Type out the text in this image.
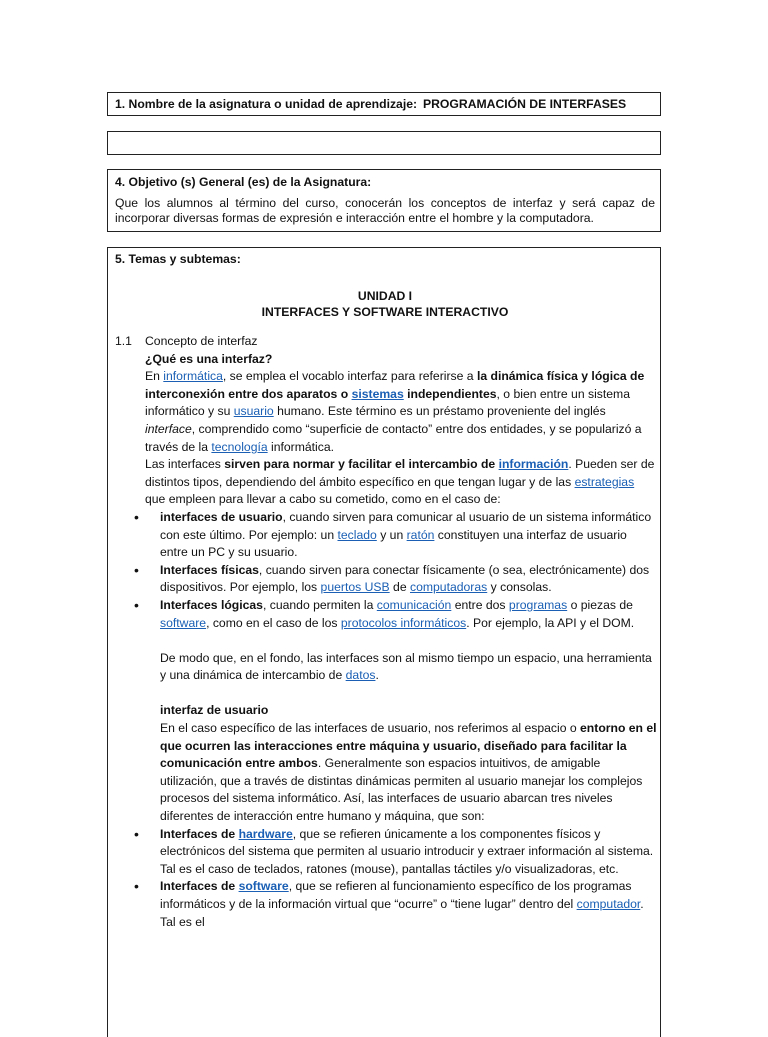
1. Nombre de la asignatura o unidad de aprendizaje: PROGRAMACIÓN DE INTERFASES
4. Objetivo (s) General (es) de la Asignatura:
Que los alumnos al término del curso, conocerán los conceptos de interfaz y será capaz de incorporar diversas formas de expresión e interacción entre el hombre y la computadora.
5. Temas y subtemas:
UNIDAD I
INTERFACES Y SOFTWARE INTERACTIVO
1.1 Concepto de interfaz

¿Qué es una interfaz?

En informática, se emplea el vocablo interfaz para referirse a la dinámica física y lógica de interconexión entre dos aparatos o sistemas independientes, o bien entre un sistema informático y su usuario humano. Este término es un préstamo proveniente del inglés interface, comprendido como “superficie de contacto” entre dos entidades, y se popularizó a través de la tecnología informática.

Las interfaces sirven para normar y facilitar el intercambio de información. Pueden ser de distintos tipos, dependiendo del ámbito específico en que tengan lugar y de las estrategias que empleen para llevar a cabo su cometido, como en el caso de:

• interfaces de usuario, cuando sirven para comunicar al usuario de un sistema informático con este último. Por ejemplo: un teclado y un ratón constituyen una interfaz de usuario entre un PC y su usuario.
• Interfaces físicas, cuando sirven para conectar físicamente (o sea, electrónicamente) dos dispositivos. Por ejemplo, los puertos USB de computadoras y consolas.
• Interfaces lógicas, cuando permiten la comunicación entre dos programas o piezas de software, como en el caso de los protocolos informáticos. Por ejemplo, la API y el DOM.

De modo que, en el fondo, las interfaces son al mismo tiempo un espacio, una herramienta y una dinámica de intercambio de datos.

interfaz de usuario

En el caso específico de las interfaces de usuario, nos referimos al espacio o entorno en el que ocurren las interacciones entre máquina y usuario, diseñado para facilitar la comunicación entre ambos. Generalmente son espacios intuitivos, de amigable utilización, que a través de distintas dinámicas permiten al usuario manejar los complejos procesos del sistema informático. Así, las interfaces de usuario abarcan tres niveles diferentes de interacción entre humano y máquina, que son:

• Interfaces de hardware, que se refieren únicamente a los componentes físicos y electrónicos del sistema que permiten al usuario introducir y extraer información al sistema. Tal es el caso de teclados, ratones (mouse), pantallas táctiles y/o visualizadoras, etc.
• Interfaces de software, que se refieren al funcionamiento específico de los programas informáticos y de la información virtual que “ocurre” o “tiene lugar” dentro del computador. Tal es el
